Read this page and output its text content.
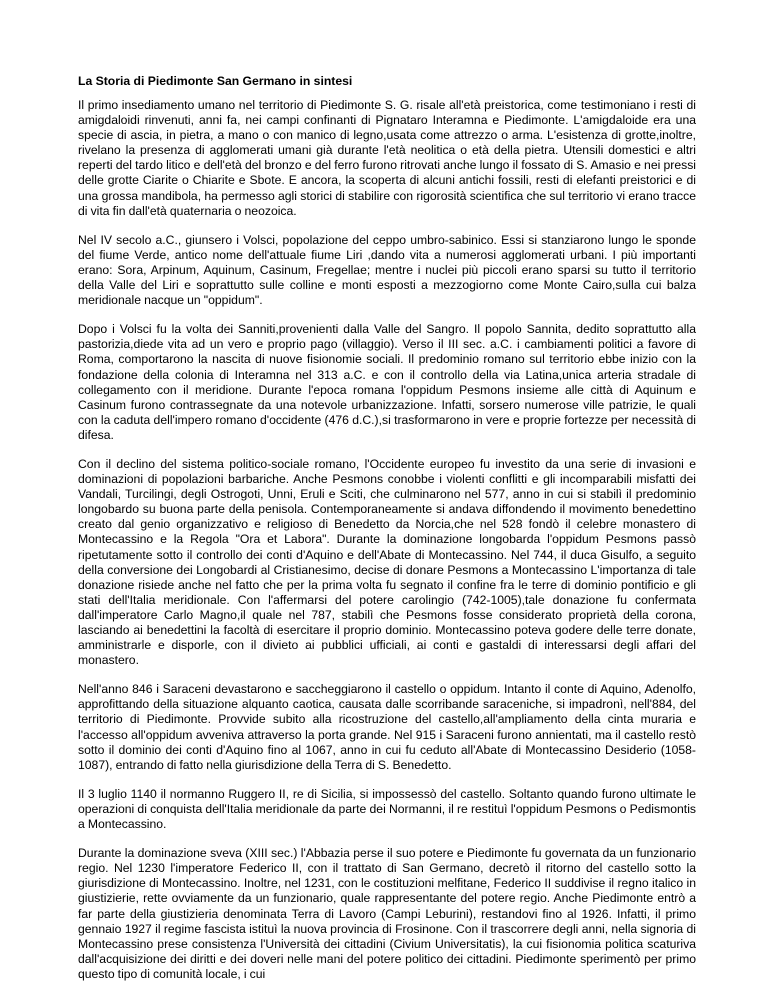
La Storia di Piedimonte San Germano in sintesi

Il primo insediamento umano nel territorio di Piedimonte S. G. risale all'età preistorica, come testimoniano i resti di amigdaloidi rinvenuti, anni fa, nei campi confinanti di Pignataro Interamna e Piedimonte. L'amigdaloide era una specie di ascia, in pietra, a mano o con manico di legno,usata come attrezzo o arma. L'esistenza di grotte,inoltre, rivelano la presenza di agglomerati umani già durante l'età neolitica o età della pietra. Utensili domestici e altri reperti del tardo litico e dell'età del bronzo e del ferro furono ritrovati anche lungo il fossato di S. Amasio e nei pressi delle grotte Ciarite o Chiarite e Sbote. E ancora, la scoperta di alcuni antichi fossili, resti di elefanti preistorici e di una grossa mandibola, ha permesso agli storici di stabilire con rigorosità scientifica che sul territorio vi erano tracce di vita fin dall'età quaternaria o neozoica.

Nel IV secolo a.C., giunsero i Volsci, popolazione del ceppo umbro-sabinico. Essi si stanziarono lungo le sponde del fiume Verde, antico nome dell'attuale fiume Liri ,dando vita a numerosi agglomerati urbani. I più importanti erano: Sora, Arpinum, Aquinum, Casinum, Fregellae; mentre i nuclei più piccoli erano sparsi su tutto il territorio della Valle del Liri e soprattutto sulle colline e monti esposti a mezzogiorno come Monte Cairo,sulla cui balza meridionale nacque un "oppidum".

Dopo i Volsci fu la volta dei Sanniti,provenienti dalla Valle del Sangro. Il popolo Sannita, dedito soprattutto alla pastorizia,diede vita ad un vero e proprio pago (villaggio). Verso il III sec. a.C. i cambiamenti politici a favore di Roma, comportarono la nascita di nuove fisionomie sociali. Il predominio romano sul territorio ebbe inizio con la fondazione della colonia di Interamna nel 313 a.C. e con il controllo della via Latina,unica arteria stradale di collegamento con il meridione. Durante l'epoca romana l'oppidum Pesmons insieme alle città di Aquinum e Casinum furono contrassegnate da una notevole urbanizzazione. Infatti, sorsero numerose ville patrizie, le quali con la caduta dell'impero romano d'occidente (476 d.C.),si trasformarono in vere e proprie fortezze per necessità di difesa.

Con il declino del sistema politico-sociale romano, l'Occidente europeo fu investito da una serie di invasioni e dominazioni di popolazioni barbariche. Anche Pesmons conobbe i violenti conflitti e gli incomparabili misfatti dei Vandali, Turcilingi, degli Ostrogoti, Unni, Eruli e Sciti, che culminarono nel 577, anno in cui si stabilì il predominio longobardo su buona parte della penisola. Contemporaneamente si andava diffondendo il movimento benedettino creato dal genio organizzativo e religioso di Benedetto da Norcia,che nel 528 fondò il celebre monastero di Montecassino e la Regola "Ora et Labora". Durante la dominazione longobarda l'oppidum Pesmons passò ripetutamente sotto il controllo dei conti d'Aquino e dell'Abate di Montecassino. Nel 744, il duca Gisulfo, a seguito della conversione dei Longobardi al Cristianesimo, decise di donare Pesmons a Montecassino L'importanza di tale donazione risiede anche nel fatto che per la prima volta fu segnato il confine fra le terre di dominio pontificio e gli stati dell'Italia meridionale. Con l'affermarsi del potere carolingio (742-1005),tale donazione fu confermata dall'imperatore Carlo Magno,il quale nel 787, stabilì che Pesmons fosse considerato proprietà della corona, lasciando ai benedettini la facoltà di esercitare il proprio dominio. Montecassino poteva godere delle terre donate, amministrarle e disporle, con il divieto ai pubblici ufficiali, ai conti e gastaldi di interessarsi degli affari del monastero.

Nell'anno 846 i Saraceni devastarono e saccheggiarono il castello o oppidum. Intanto il conte di Aquino, Adenolfo, approfittando della situazione alquanto caotica, causata dalle scorribande saraceniche, si impadronì, nell'884, del territorio di Piedimonte. Provvide subito alla ricostruzione del castello,all'ampliamento della cinta muraria e l'accesso all'oppidum avveniva attraverso la porta grande. Nel 915 i Saraceni furono annientati, ma il castello restò sotto il dominio dei conti d'Aquino fino al 1067, anno in cui fu ceduto all'Abate di Montecassino Desiderio (1058-1087), entrando di fatto nella giurisdizione della Terra di S. Benedetto.

Il 3 luglio 1140 il normanno Ruggero II, re di Sicilia, si impossessò del castello. Soltanto quando furono ultimate le operazioni di conquista dell'Italia meridionale da parte dei Normanni, il re restituì l'oppidum Pesmons o Pedismontis a Montecassino.

Durante la dominazione sveva (XIII sec.) l'Abbazia perse il suo potere e Piedimonte fu governata da un funzionario regio. Nel 1230 l'imperatore Federico II, con il trattato di San Germano, decretò il ritorno del castello sotto la giurisdizione di Montecassino. Inoltre, nel 1231, con le costituzioni melfitane, Federico II suddivise il regno italico in giustizierie, rette ovviamente da un funzionario, quale rappresentante del potere regio. Anche Piedimonte entrò a far parte della giustizieria denominata Terra di Lavoro (Campi Leburini), restandovi fino al 1926. Infatti, il primo gennaio 1927 il regime fascista istituì la nuova provincia di Frosinone. Con il trascorrere degli anni, nella signoria di Montecassino prese consistenza l'Università dei cittadini (Civium Universitatis), la cui fisionomia politica scaturiva dall'acquisizione dei diritti e dei doveri nelle mani del potere politico dei cittadini. Piedimonte sperimentò per primo questo tipo di comunità locale, i cui
